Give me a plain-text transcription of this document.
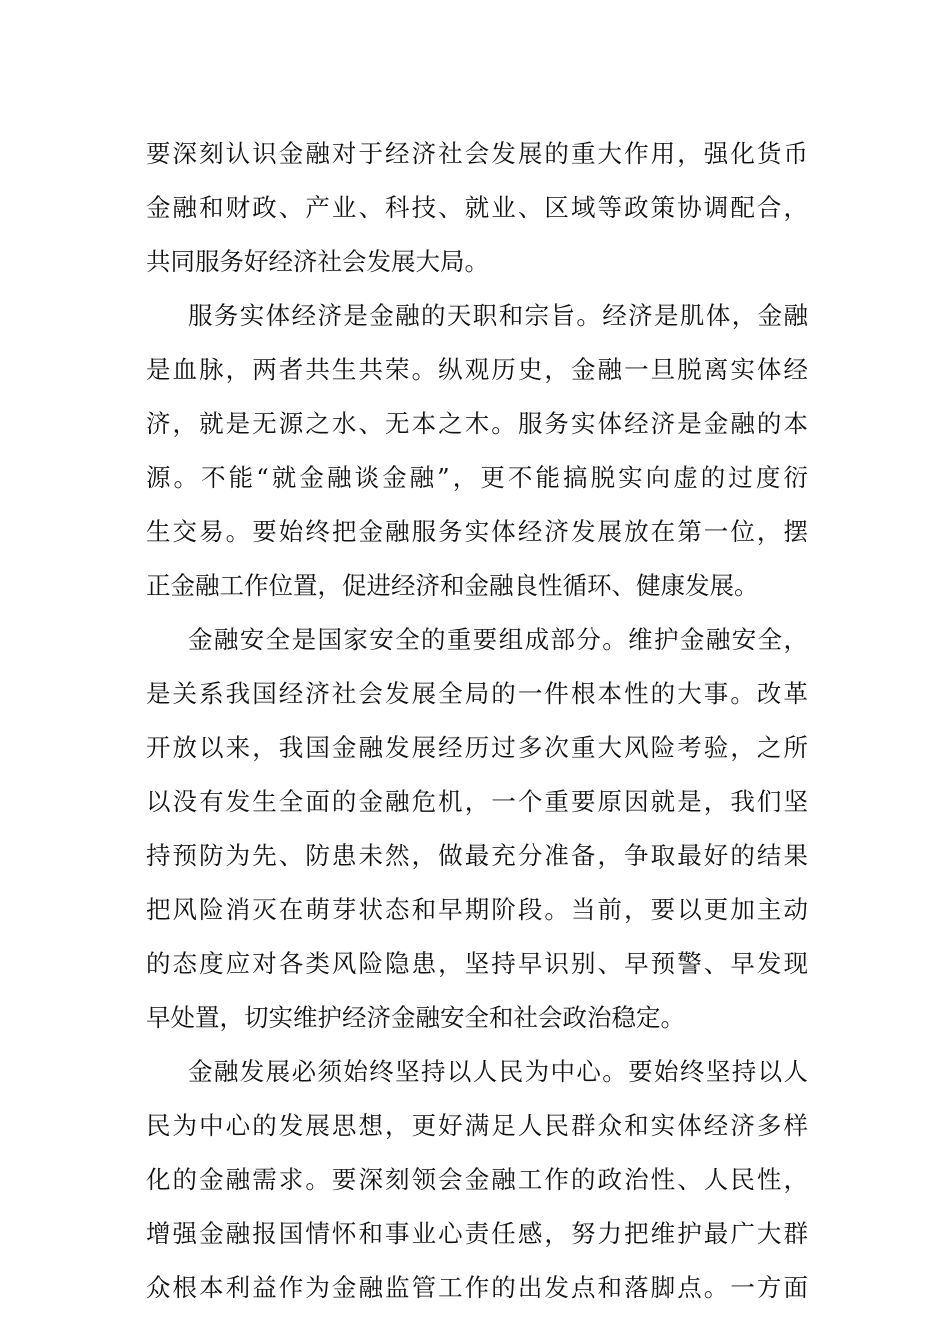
要深刻认识金融对于经济社会发展的重大作用，强化货币
金融和财政、产业、科技、就业、区域等政策协调配合，
共同服务好经济社会发展大局。
服务实体经济是金融的天职和宗旨。经济是肌体，金融
是血脉，两者共生共荣。纵观历史，金融一旦脱离实体经
济，就是无源之水、无本之木。服务实体经济是金融的本
源。不能“就金融谈金融”，更不能搞脱实向虚的过度衍
生交易。要始终把金融服务实体经济发展放在第一位，摆
正金融工作位置，促进经济和金融良性循环、健康发展。
金融安全是国家安全的重要组成部分。维护金融安全，
是关系我国经济社会发展全局的一件根本性的大事。改革
开放以来，我国金融发展经历过多次重大风险考验，之所
以没有发生全面的金融危机，一个重要原因就是，我们坚
持预防为先、防患未然，做最充分准备，争取最好的结果
把风险消灭在萌芽状态和早期阶段。当前，要以更加主动
的态度应对各类风险隐患，坚持早识别、早预警、早发现
早处置，切实维护经济金融安全和社会政治稳定。
金融发展必须始终坚持以人民为中心。要始终坚持以人
民为中心的发展思想，更好满足人民群众和实体经济多样
化的金融需求。要深刻领会金融工作的政治性、人民性，
增强金融报国情怀和事业心责任感，努力把维护最广大群
众根本利益作为金融监管工作的出发点和落脚点。一方面
